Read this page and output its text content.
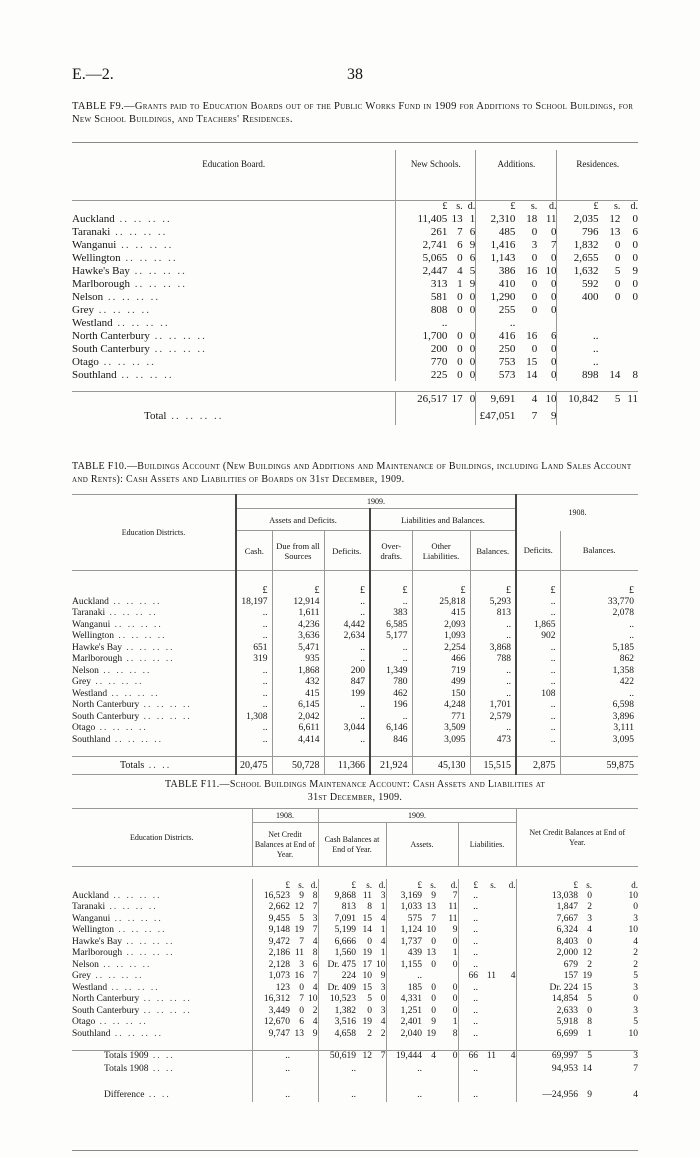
E.—2.	38
TABLE F9.—Grants paid to Education Boards out of the Public Works Fund in 1909 for Additions to School Buildings, for New School Buildings, and Teachers' Residences.
Education Board.	New Schools.			Additions.			Residences.		

	£	s.	d.	£	s.	d.	£	s.	d.
Auckland .. .. .. ..	11,405	13	1	2,310	18	11	2,035	12	0
Taranaki .. .. .. ..	261	7	6	485	0	0	796	13	6
Wanganui .. .. .. ..	2,741	6	9	1,416	3	7	1,832	0	0
Wellington .. .. .. ..	5,065	0	6	1,143	0	0	2,655	0	0
Hawke's Bay .. .. .. ..	2,447	4	5	386	16	10	1,632	5	9
Marlborough .. .. .. ..	313	1	9	410	0	0	592	0	0
Nelson .. .. .. ..	581	0	0	1,290	0	0	400	0	0
Grey .. .. .. ..	808	0	0	255	0	0			
Westland .. .. .. ..	..			..					
North Canterbury .. .. .. ..	1,700	0	0	416	16	6	..		
South Canterbury .. .. .. ..	200	0	0	250	0	0	..		
Otago .. .. .. ..	770	0	0	753	15	0	..		
Southland .. .. .. ..	225	0	0	573	14	0	898	14	8

	26,517	17	0	9,691	4	10	10,842	5	11
Total .. .. .. ..				£47,051	7	9			
TABLE F10.—Buildings Account (New Buildings and Additions and Maintenance of Buildings, including Land Sales Account and Rents): Cash Assets and Liabilities of Boards on 31st December, 1909.
Education Districts.	1909.						1908.	
	Assets and Deficits.			Liabilities and Balances.				
	Cash.	Due from all Sources	Deficits.	Over-drafts.	Other Liabilities.	Balances.	Deficits.	Balances.

	£	£	£	£	£	£	£	£
Auckland .. .. .. ..	18,197	12,914	..	..	25,818	5,293	..	33,770
Taranaki .. .. .. ..	..	1,611	..	383	415	813	..	2,078
Wanganui .. .. .. ..	..	4,236	4,442	6,585	2,093	..	1,865	..
Wellington .. .. .. ..	..	3,636	2,634	5,177	1,093	..	902	..
Hawke's Bay .. .. .. ..	651	5,471	..	..	2,254	3,868	..	5,185
Marlborough .. .. .. ..	319	935	..	..	466	788	..	862
Nelson .. .. .. ..	..	1,868	200	1,349	719	..	..	1,358
Grey .. .. .. ..	..	432	847	780	499	..	..	422
Westland .. .. .. ..	..	415	199	462	150	..	108	..
North Canterbury .. .. .. ..	..	6,145	..	196	4,248	1,701	..	6,598
South Canterbury .. .. .. ..	1,308	2,042	..	..	771	2,579	..	3,896
Otago .. .. .. ..	..	6,611	3,044	6,146	3,509	..	..	3,111
Southland .. .. .. ..	..	4,414	..	846	3,095	473	..	3,095

Totals .. ..	20,475	50,728	11,366	21,924	45,130	15,515	2,875	59,875
TABLE F11.—School Buildings Maintenance Account: Cash Assets and Liabilities at
31st December, 1909.
Education Districts.	1908.			1909.									Net Credit Balances at End of Year.		
	Net Credit Balances at End of Year.			Cash Balances at End of Year.			Assets.			Liabilities.					

	£	s.	d.	£	s.	d.	£	s.	d.	£	s.	d.	£	s.	d.
Auckland .. .. .. ..	16,523	9	8	9,868	11	3	3,169	9	7	..			13,038	0	10
Taranaki .. .. .. ..	2,662	12	7	813	8	1	1,033	13	11	..			1,847	2	0
Wanganui .. .. .. ..	9,455	5	3	7,091	15	4	575	7	11	..			7,667	3	3
Wellington .. .. .. ..	9,148	19	7	5,199	14	1	1,124	10	9	..			6,324	4	10
Hawke's Bay .. .. .. ..	9,472	7	4	6,666	0	4	1,737	0	0	..			8,403	0	4
Marlborough .. .. .. ..	2,186	11	8	1,560	19	1	439	13	1	..			2,000	12	2
Nelson .. .. .. ..	2,128	3	6	Dr. 475	17	10	1,155	0	0	..			679	2	2
Grey .. .. .. ..	1,073	16	7	224	10	9	..			66	11	4	157	19	5
Westland .. .. .. ..	123	0	4	Dr. 409	15	3	185	0	0	..			Dr. 224	15	3
North Canterbury .. .. .. ..	16,312	7	10	10,523	5	0	4,331	0	0	..			14,854	5	0
South Canterbury .. .. .. ..	3,449	0	2	1,382	0	3	1,251	0	0	..			2,633	0	3
Otago .. .. .. ..	12,670	6	4	3,516	19	4	2,401	9	1	..			5,918	8	5
Southland .. .. .. ..	9,747	13	9	4,658	2	2	2,040	19	8	..			6,699	1	10

Totals 1909 .. ..	..			50,619	12	7	19,444	4	0	66	11	4	69,997	5	3
Totals 1908 .. ..	..			..			..			..			94,953	14	7

Difference .. ..	..			..			..			..			—24,956	9	4
